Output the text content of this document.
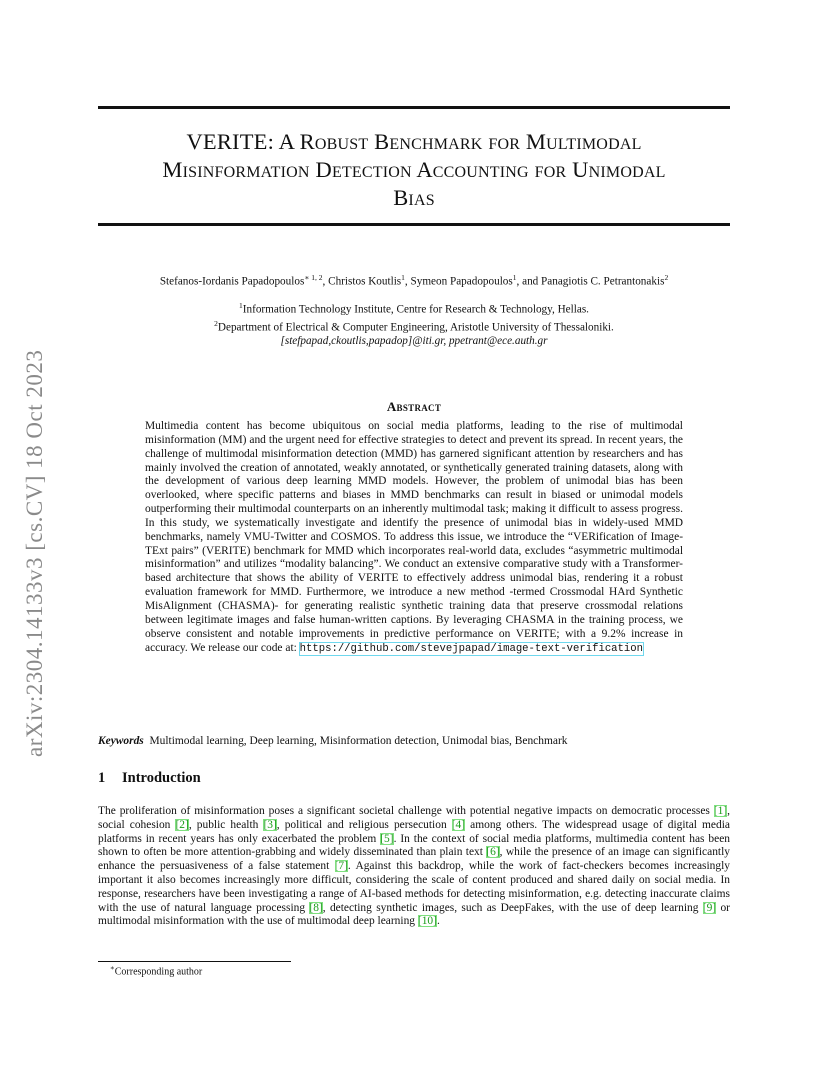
arXiv:2304.14133v3 [cs.CV] 18 Oct 2023
VERITE: A Robust Benchmark for Multimodal
Misinformation Detection Accounting for Unimodal
Bias
Stefanos-Iordanis Papadopoulos$^{∗ 1, 2}$, Christos Koutlis$^1$, Symeon Papadopoulos$^1$, and Panagiotis C. Petrantonakis$^2$
$^1$Information Technology Institute, Centre for Research & Technology, Hellas.
$^2$Department of Electrical & Computer Engineering, Aristotle University of Thessaloniki.
[stefpapad,ckoutlis,papadop]@iti.gr, ppetrant@ece.auth.gr
Abstract
Multimedia content has become ubiquitous on social media platforms, leading to the rise of multimodal misinformation (MM) and the urgent need for effective strategies to detect and prevent its spread. In recent years, the challenge of multimodal misinformation detection (MMD) has garnered significant attention by researchers and has mainly involved the creation of annotated, weakly annotated, or synthetically generated training datasets, along with the development of various deep learning MMD models. However, the problem of unimodal bias has been overlooked, where specific patterns and biases in MMD benchmarks can result in biased or unimodal models outperforming their multimodal counterparts on an inherently multimodal task; making it difficult to assess progress. In this study, we systematically investigate and identify the presence of unimodal bias in widely-used MMD benchmarks, namely VMU-Twitter and COSMOS. To address this issue, we introduce the “VERification of Image-TExt pairs” (VERITE) benchmark for MMD which incorporates real-world data, excludes “asymmetric multimodal misinformation” and utilizes “modality balancing”. We conduct an extensive comparative study with a Transformer-based architecture that shows the ability of VERITE to effectively address unimodal bias, rendering it a robust evaluation framework for MMD. Furthermore, we introduce a new method -termed Crossmodal HArd Synthetic MisAlignment (CHASMA)- for generating realistic synthetic training data that preserve crossmodal relations between legitimate images and false human-written captions. By leveraging CHASMA in the training process, we observe consistent and notable improvements in predictive performance on VERITE; with a 9.2% increase in accuracy. We release our code at: https://github.com/stevejpapad/image-text-verification
Keywords Multimodal learning, Deep learning, Misinformation detection, Unimodal bias, Benchmark
1 Introduction
The proliferation of misinformation poses a significant societal challenge with potential negative impacts on democratic processes [1], social cohesion [2], public health [3], political and religious persecution [4] among others. The widespread usage of digital media platforms in recent years has only exacerbated the problem [5]. In the context of social media platforms, multimedia content has been shown to often be more attention-grabbing and widely disseminated than plain text [6], while the presence of an image can significantly enhance the persuasiveness of a false statement [7]. Against this backdrop, while the work of fact-checkers becomes increasingly important it also becomes increasingly more difficult, considering the scale of content produced and shared daily on social media. In response, researchers have been investigating a range of AI-based methods for detecting misinformation, e.g. detecting inaccurate claims with the use of natural language processing [8], detecting synthetic images, such as DeepFakes, with the use of deep learning [9] or multimodal misinformation with the use of multimodal deep learning [10].
∗Corresponding author
